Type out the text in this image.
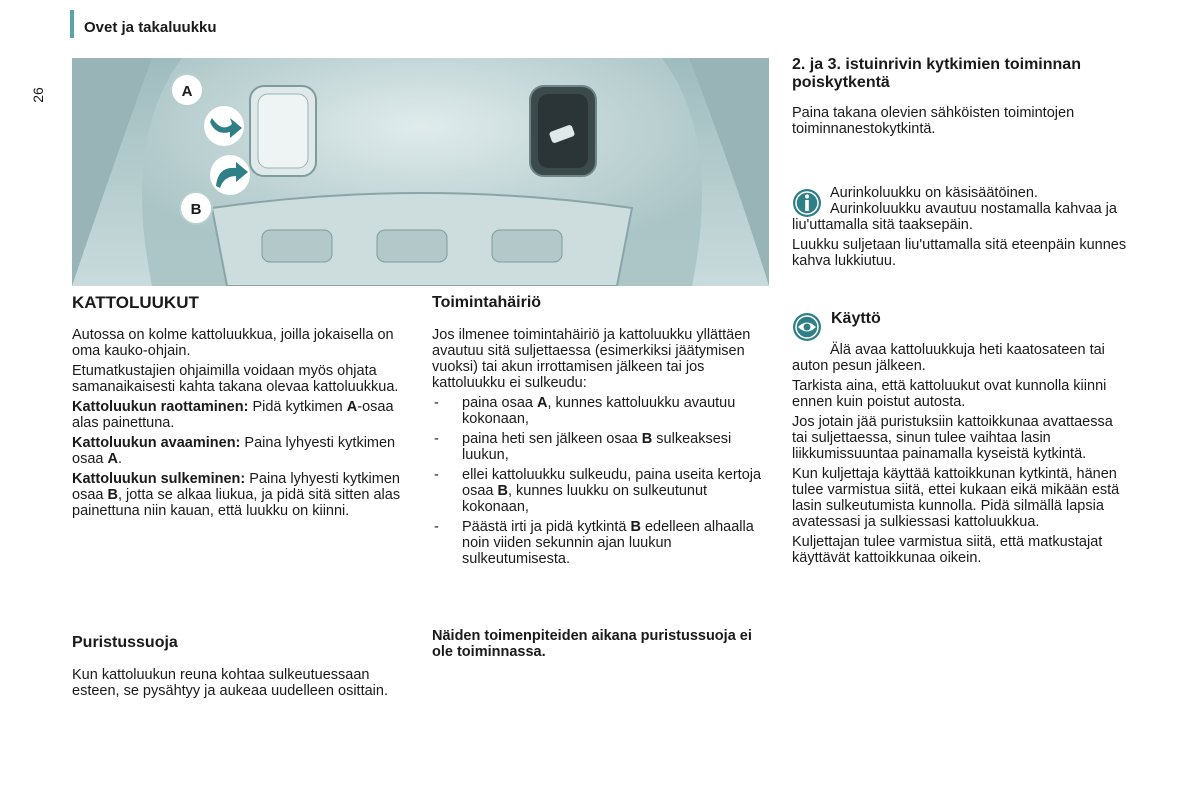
Ovet ja takaluukku
26	A
B
KATTOLUUKUT

Autossa on kolme kattoluukkua, joilla jokaisella on oma kauko-ohjain.

Etumatkustajien ohjaimilla voidaan myös ohjata samanaikaisesti kahta takana olevaa kattoluukkua.

Kattoluukun raottaminen: Pidä kytkimen A-osaa alas painettuna.

Kattoluukun avaaminen: Paina lyhyesti kytkimen osaa A.

Kattoluukun sulkeminen: Paina lyhyesti kytkimen osaa B, jotta se alkaa liukua, ja pidä sitä sitten alas painettuna niin kauan, että luukku on kiinni.

Puristussuoja

Kun kattoluukun reuna kohtaa sulkeutuessaan esteen, se pysähtyy ja aukeaa uudelleen osittain.

Toimintahäiriö

Jos ilmenee toimintahäiriö ja kattoluukku yllättäen avautuu sitä suljettaessa (esimerkiksi jäätymisen vuoksi) tai akun irrottamisen jälkeen tai jos kattoluukku ei sulkeudu:

- paina osaa A, kunnes kattoluukku avautuu kokonaan,
- paina heti sen jälkeen osaa B sulkeaksesi luukun,
- ellei kattoluukku sulkeudu, paina useita kertoja osaa B, kunnes luukku on sulkeutunut kokonaan,
- Päästä irti ja pidä kytkintä B edelleen alhaalla noin viiden sekunnin ajan luukun sulkeutumisesta.

Näiden toimenpiteiden aikana puristussuoja ei ole toiminnassa.

2. ja 3. istuinrivin kytkimien toiminnan poiskytkentä

Paina takana olevien sähköisten toimintojen toiminnanestokytkintä.

Aurinkoluukku on käsisäätöinen.

Aurinkoluukku avautuu nostamalla kahvaa ja liu'uttamalla sitä taaksepäin.

Luukku suljetaan liu'uttamalla sitä eteenpäin kunnes kahva lukkiutuu.

Käyttö

Älä avaa kattoluukkuja heti kaatosateen tai auton pesun jälkeen.

Tarkista aina, että kattoluukut ovat kunnolla kiinni ennen kuin poistut autosta.

Jos jotain jää puristuksiin kattoikkunaa avattaessa tai suljettaessa, sinun tulee vaihtaa lasin liikkumissuuntaa painamalla kyseistä kytkintä.

Kun kuljettaja käyttää kattoikkunan kytkintä, hänen tulee varmistua siitä, ettei kukaan eikä mikään estä lasin sulkeutumista kunnolla. Pidä silmällä lapsia avatessasi ja sulkiessasi kattoluukkua.

Kuljettajan tulee varmistua siitä, että matkustajat käyttävät kattoikkunaa oikein.
